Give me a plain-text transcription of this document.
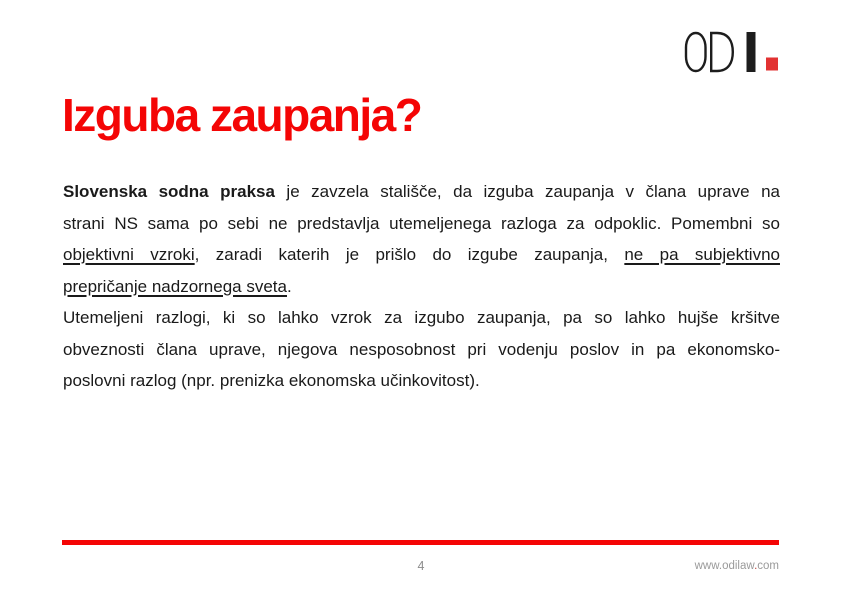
Izguba zaupanja?
Slovenska sodna praksa je zavzela stališče, da izguba zaupanja v člana uprave na
strani NS sama po sebi ne predstavlja utemeljenega razloga za odpoklic. Pomembni so
objektivni vzroki, zaradi katerih je prišlo do izgube zaupanja, ne pa subjektivno
prepričanje nadzornega sveta.
Utemeljeni razlogi, ki so lahko vzrok za izgubo zaupanja, pa so lahko hujše kršitve
obveznosti člana uprave, njegova nesposobnost pri vodenju poslov in pa ekonomsko-
poslovni razlog (npr. prenizka ekonomska učinkovitost).
4	www.odilaw.com
